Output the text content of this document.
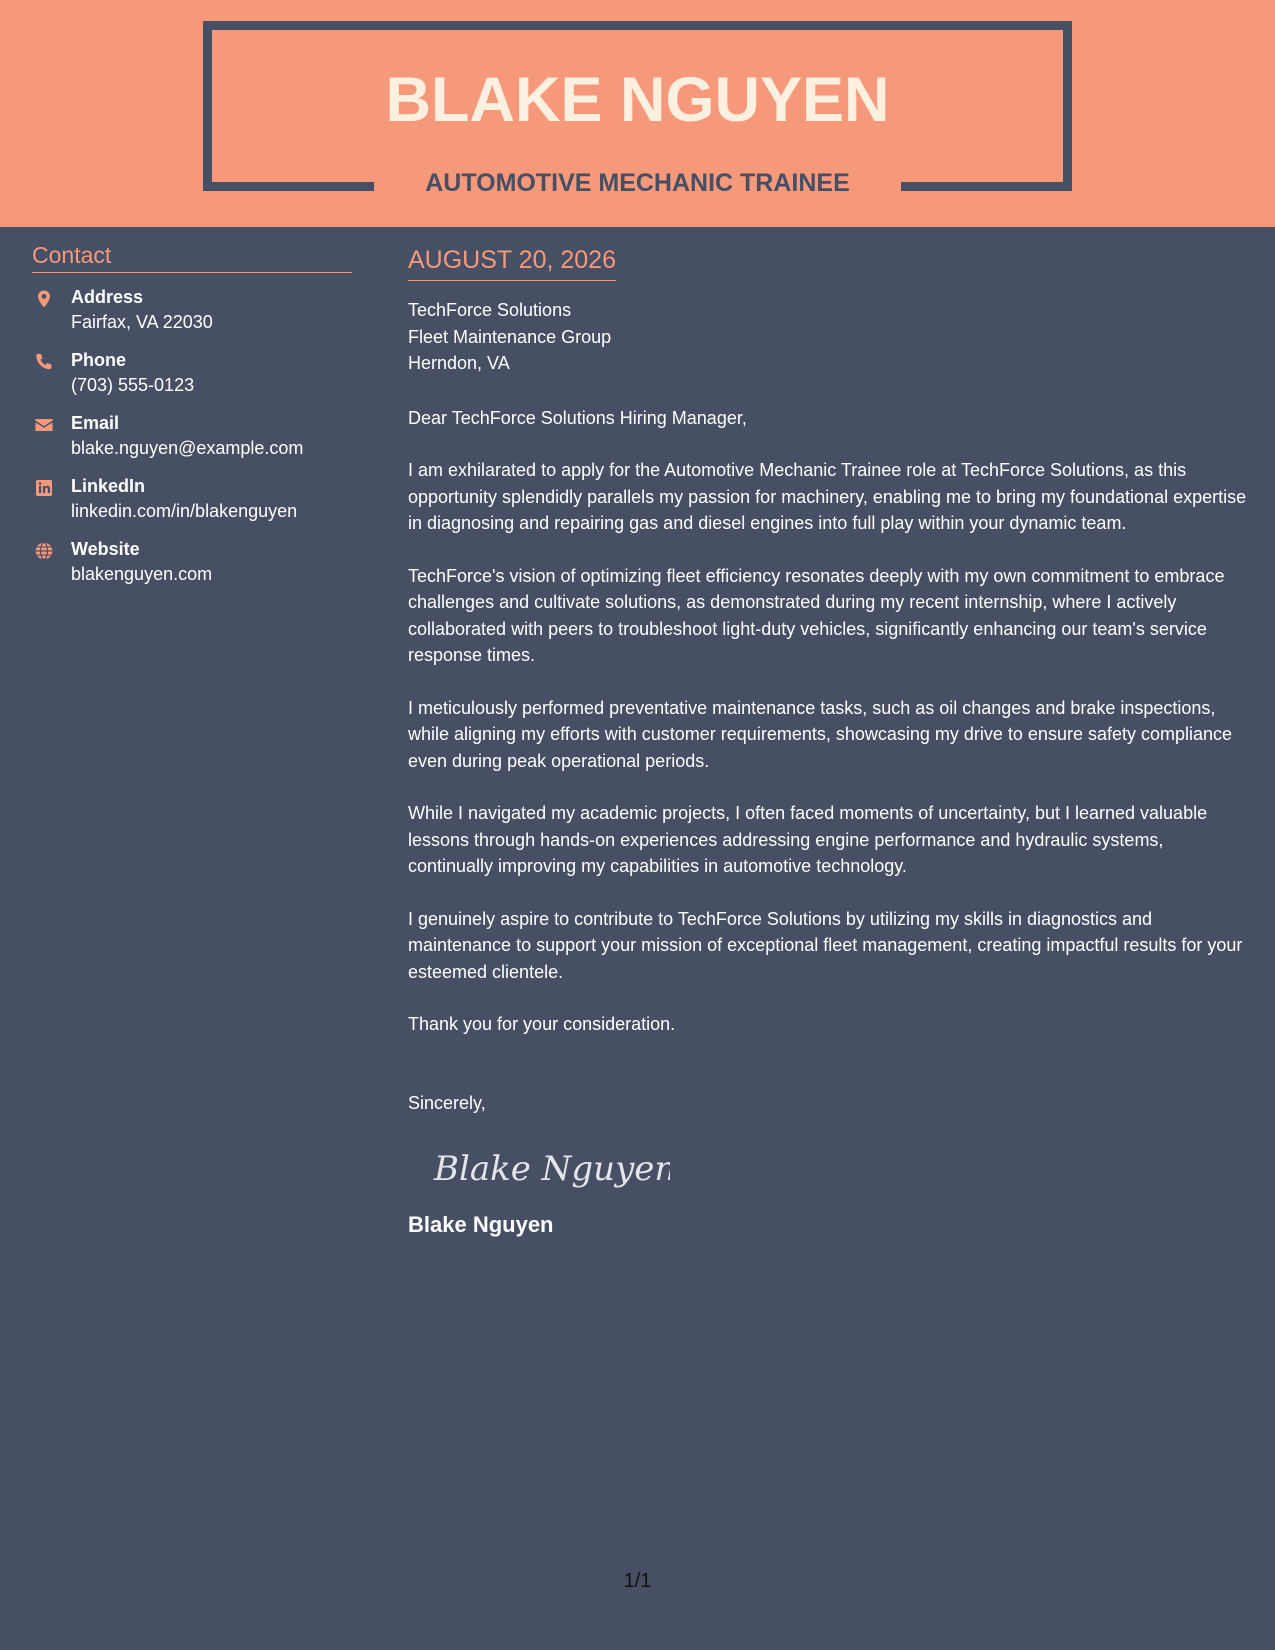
BLAKE NGUYEN
AUTOMOTIVE MECHANIC TRAINEE
Contact
Address
Fairfax, VA 22030
Phone
(703) 555-0123
Email
blake.nguyen@example.com
LinkedIn
linkedin.com/in/blakenguyen
Website
blakenguyen.com
AUGUST 20, 2026
TechForce Solutions
Fleet Maintenance Group
Herndon, VA
Dear TechForce Solutions Hiring Manager,
I am exhilarated to apply for the Automotive Mechanic Trainee role at TechForce Solutions, as this opportunity splendidly parallels my passion for machinery, enabling me to bring my foundational expertise in diagnosing and repairing gas and diesel engines into full play within your dynamic team.
TechForce's vision of optimizing fleet efficiency resonates deeply with my own commitment to embrace challenges and cultivate solutions, as demonstrated during my recent internship, where I actively collaborated with peers to troubleshoot light-duty vehicles, significantly enhancing our team's service response times.
I meticulously performed preventative maintenance tasks, such as oil changes and brake inspections, while aligning my efforts with customer requirements, showcasing my drive to ensure safety compliance even during peak operational periods.
While I navigated my academic projects, I often faced moments of uncertainty, but I learned valuable lessons through hands-on experiences addressing engine performance and hydraulic systems, continually improving my capabilities in automotive technology.
I genuinely aspire to contribute to TechForce Solutions by utilizing my skills in diagnostics and maintenance to support your mission of exceptional fleet management, creating impactful results for your esteemed clientele.
Thank you for your consideration.
Sincerely,
Blake Nguyen
Blake Nguyen
1/1
